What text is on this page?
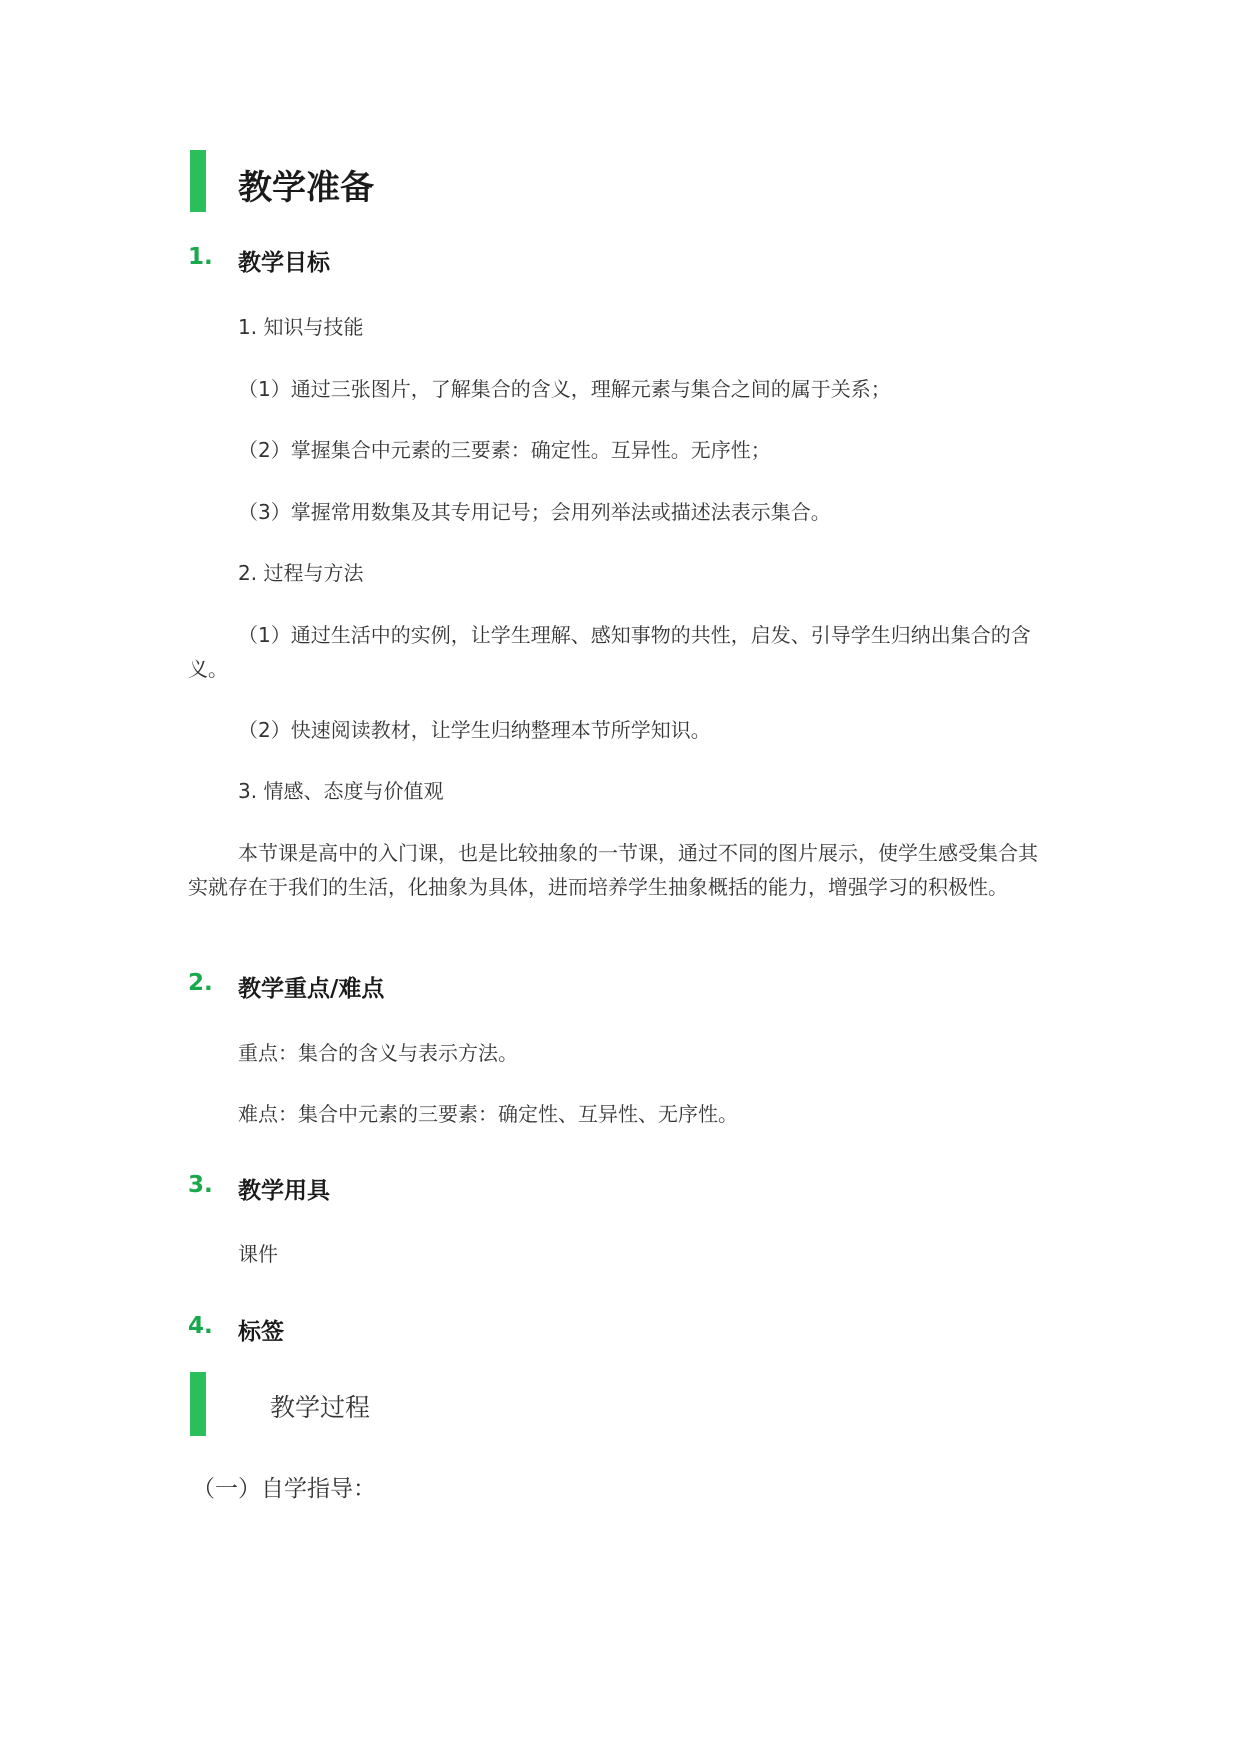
教学准备
1. 教学目标
1. 知识与技能
（1）通过三张图片，了解集合的含义，理解元素与集合之间的属于关系；
（2）掌握集合中元素的三要素：确定性。互异性。无序性；
（3）掌握常用数集及其专用记号；会用列举法或描述法表示集合。
2. 过程与方法
（1）通过生活中的实例，让学生理解、感知事物的共性，启发、引导学生归纳出集合的含义。
（2）快速阅读教材，让学生归纳整理本节所学知识。
3. 情感、态度与价值观
本节课是高中的入门课，也是比较抽象的一节课，通过不同的图片展示，使学生感受集合其实就存在于我们的生活，化抽象为具体，进而培养学生抽象概括的能力，增强学习的积极性。
2. 教学重点/难点
重点：集合的含义与表示方法。
难点：集合中元素的三要素：确定性、互异性、无序性。
3. 教学用具
课件
4. 标签
教学过程
（一）自学指导：
